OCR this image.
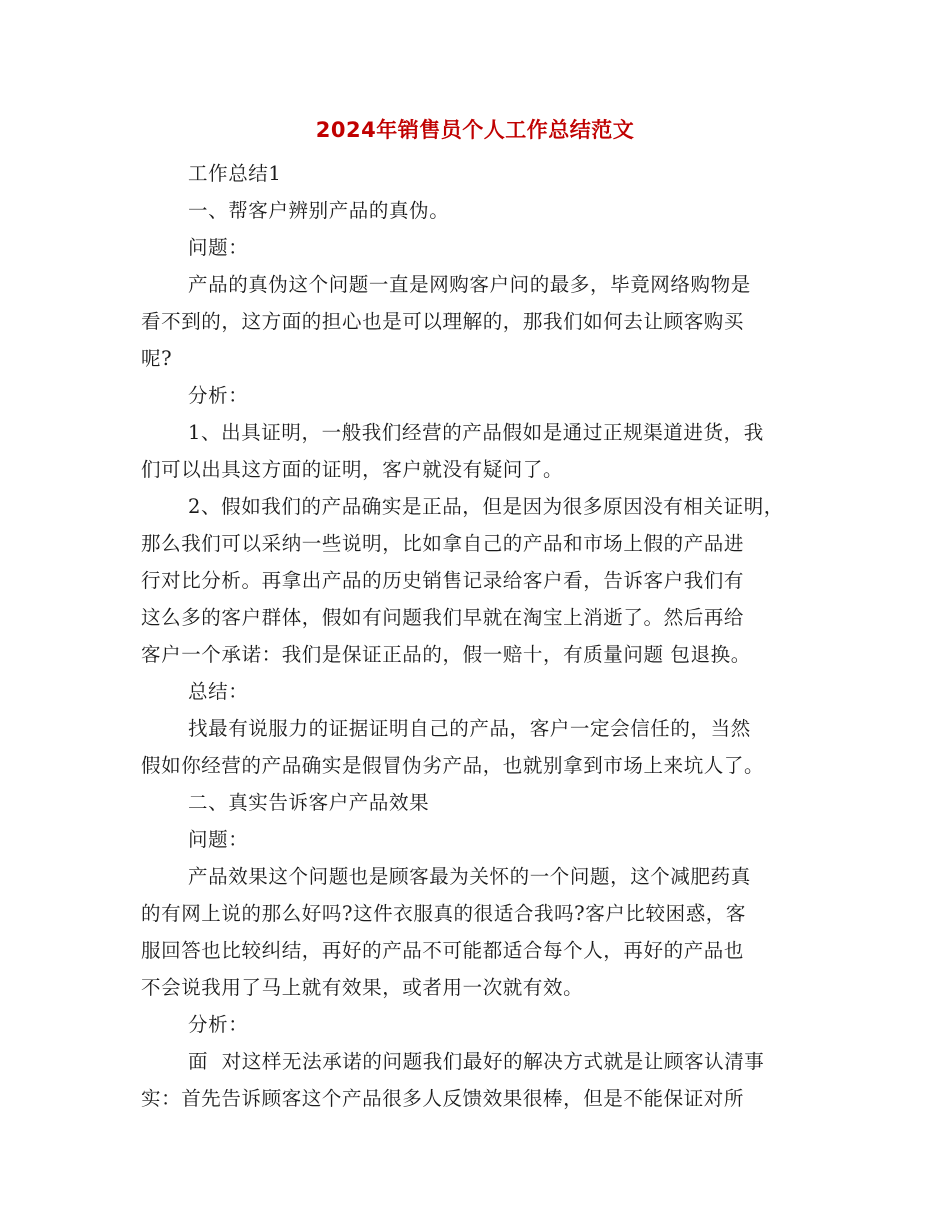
2024年销售员个人工作总结范文
工作总结1
一、帮客户辨别产品的真伪。
问题：
产品的真伪这个问题一直是网购客户问的最多，毕竟网络购物是
看不到的，这方面的担心也是可以理解的，那我们如何去让顾客购买
呢?
分析：
1、出具证明，一般我们经营的产品假如是通过正规渠道进货，我
们可以出具这方面的证明，客户就没有疑问了。
2、假如我们的产品确实是正品，但是因为很多原因没有相关证明，
那么我们可以采纳一些说明，比如拿自己的产品和市场上假的产品进
行对比分析。再拿出产品的历史销售记录给客户看，告诉客户我们有
这么多的客户群体，假如有问题我们早就在淘宝上消逝了。然后再给
客户一个承诺：我们是保证正品的，假一赔十，有质量问题 包退换。
总结：
找最有说服力的证据证明自己的产品，客户一定会信任的，当然
假如你经营的产品确实是假冒伪劣产品，也就别拿到市场上来坑人了。
二、真实告诉客户产品效果
问题：
产品效果这个问题也是顾客最为关怀的一个问题，这个减肥药真
的有网上说的那么好吗?这件衣服真的很适合我吗?客户比较困惑，客
服回答也比较纠结，再好的产品不可能都适合每个人，再好的产品也
不会说我用了马上就有效果，或者用一次就有效。
分析：
面  对这样无法承诺的问题我们最好的解决方式就是让顾客认清事
实：首先告诉顾客这个产品很多人反馈效果很棒，但是不能保证对所
